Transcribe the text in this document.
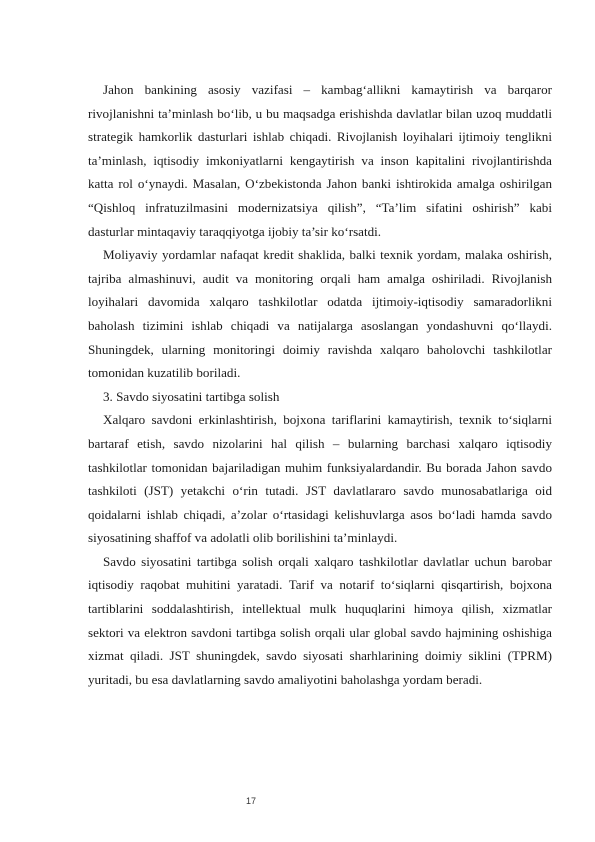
Jahon bankining asosiy vazifasi – kambag‘allikni kamaytirish va barqaror rivojlanishni ta’minlash bo‘lib, u bu maqsadga erishishda davlatlar bilan uzoq muddatli strategik hamkorlik dasturlari ishlab chiqadi. Rivojlanish loyihalari ijtimoiy tenglikni ta’minlash, iqtisodiy imkoniyatlarni kengaytirish va inson kapitalini rivojlantirishda katta rol o‘ynaydi. Masalan, O‘zbekistonda Jahon banki ishtirokida amalga oshirilgan “Qishloq infratuzilmasini modernizatsiya qilish”, “Ta’lim sifatini oshirish” kabi dasturlar mintaqaviy taraqqiyotga ijobiy ta’sir ko‘rsatdi.

Moliyaviy yordamlar nafaqat kredit shaklida, balki texnik yordam, malaka oshirish, tajriba almashinuvi, audit va monitoring orqali ham amalga oshiriladi. Rivojlanish loyihalari davomida xalqaro tashkilotlar odatda ijtimoiy-iqtisodiy samaradorlikni baholash tizimini ishlab chiqadi va natijalarga asoslangan yondashuvni qo‘llaydi. Shuningdek, ularning monitoringi doimiy ravishda xalqaro baholovchi tashkilotlar tomonidan kuzatilib boriladi.

3. Savdo siyosatini tartibga solish

Xalqaro savdoni erkinlashtirish, bojxona tariflarini kamaytirish, texnik to‘siqlarni bartaraf etish, savdo nizolarini hal qilish – bularning barchasi xalqaro iqtisodiy tashkilotlar tomonidan bajariladigan muhim funksiyalardandir. Bu borada Jahon savdo tashkiloti (JST) yetakchi o‘rin tutadi. JST davlatlararo savdo munosabatlariga oid qoidalarni ishlab chiqadi, a’zolar o‘rtasidagi kelishuvlarga asos bo‘ladi hamda savdo siyosatining shaffof va adolatli olib borilishini ta’minlaydi.

Savdo siyosatini tartibga solish orqali xalqaro tashkilotlar davlatlar uchun barobar iqtisodiy raqobat muhitini yaratadi. Tarif va notarif to‘siqlarni qisqartirish, bojxona tartiblarini soddalashtirish, intellektual mulk huquqlarini himoya qilish, xizmatlar sektori va elektron savdoni tartibga solish orqali ular global savdo hajmining oshishiga xizmat qiladi. JST shuningdek, savdo siyosati sharhlarining doimiy siklini (TPRM) yuritadi, bu esa davlatlarning savdo amaliyotini baholashga yordam beradi.

17
